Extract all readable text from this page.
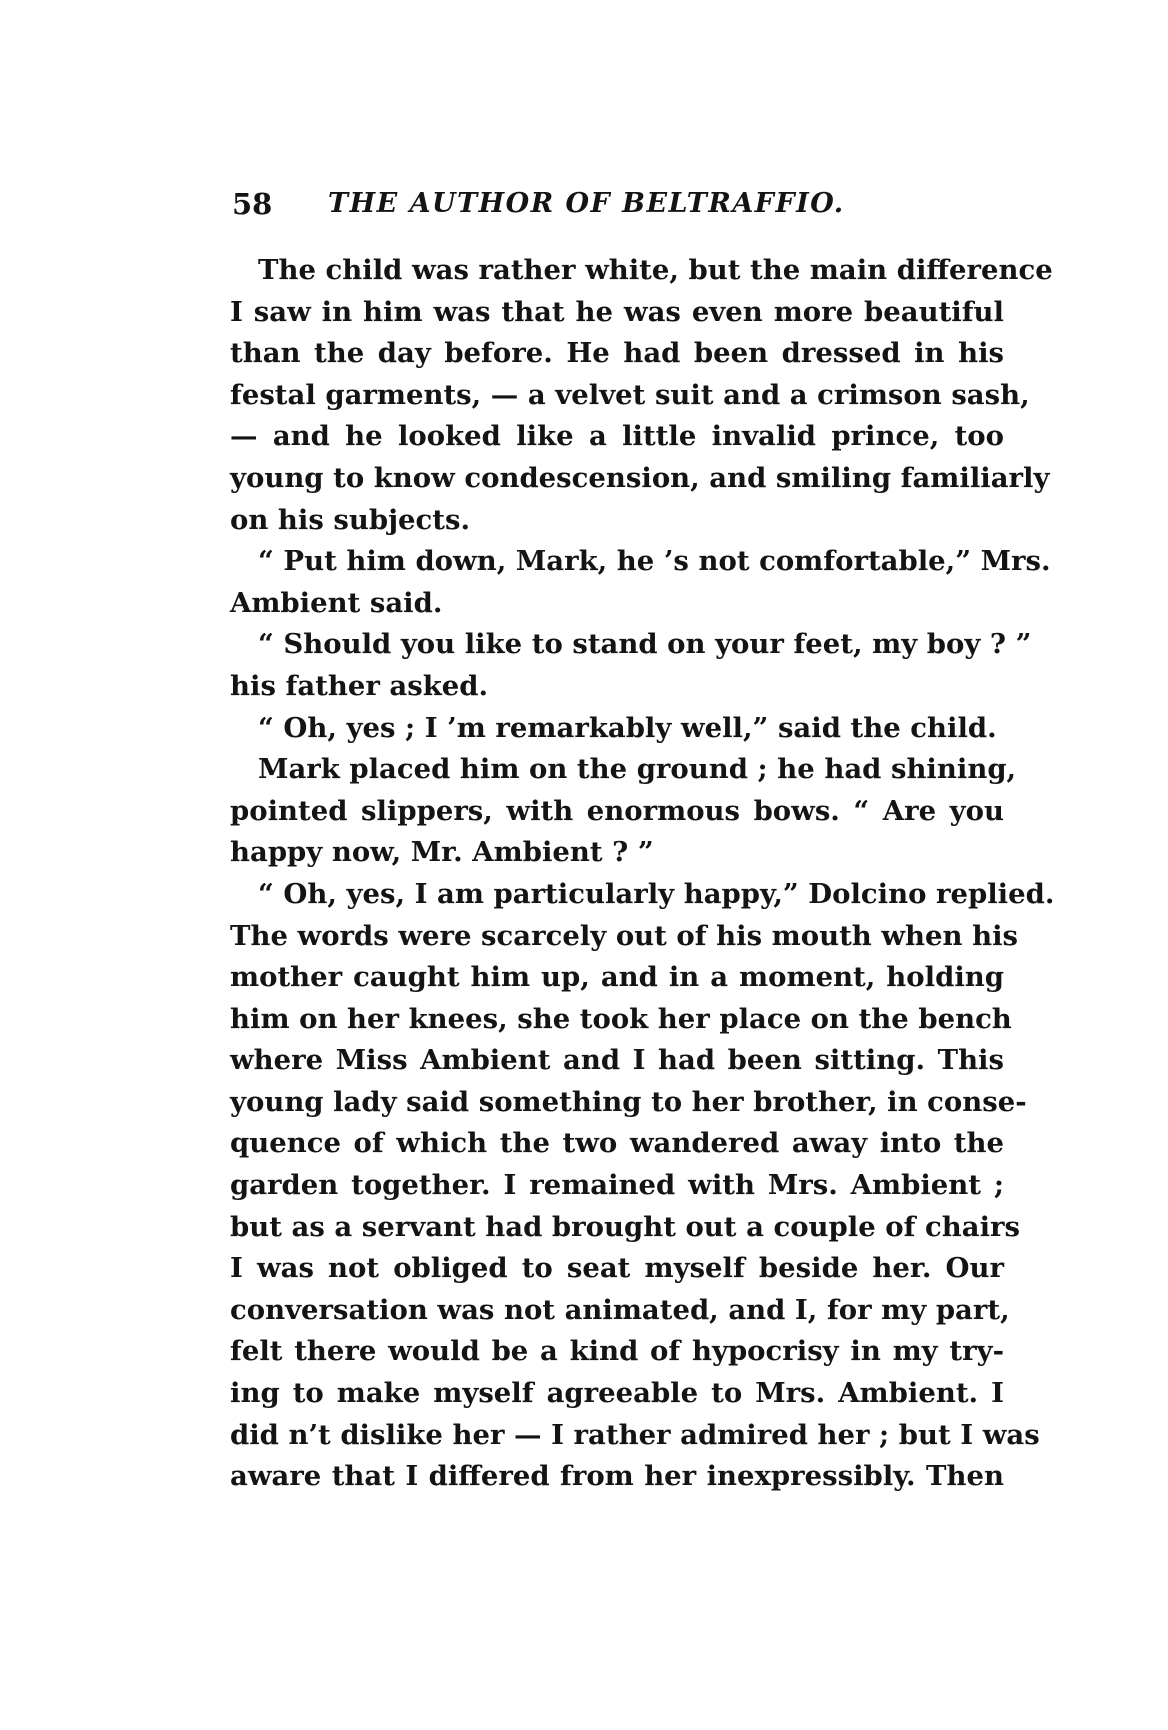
58 THE AUTHOR OF BELTRAFFIO.
The child was rather white, but the main difference
I saw in him was that he was even more beautiful
than the day before. He had been dressed in his
festal garments, — a velvet suit and a crimson sash,
— and he looked like a little invalid prince, too
young to know condescension, and smiling familiarly
on his subjects.
“ Put him down, Mark, he ’s not comfortable,” Mrs.
Ambient said.
“ Should you like to stand on your feet, my boy ? ”
his father asked.
“ Oh, yes ; I ’m remarkably well,” said the child.
Mark placed him on the ground ; he had shining,
pointed slippers, with enormous bows. “ Are you
happy now, Mr. Ambient ? ”
“ Oh, yes, I am particularly happy,” Dolcino replied.
The words were scarcely out of his mouth when his
mother caught him up, and in a moment, holding
him on her knees, she took her place on the bench
where Miss Ambient and I had been sitting. This
young lady said something to her brother, in conse-
quence of which the two wandered away into the
garden together. I remained with Mrs. Ambient ;
but as a servant had brought out a couple of chairs
I was not obliged to seat myself beside her. Our
conversation was not animated, and I, for my part,
felt there would be a kind of hypocrisy in my try-
ing to make myself agreeable to Mrs. Ambient. I
did n’t dislike her — I rather admired her ; but I was
aware that I differed from her inexpressibly. Then
